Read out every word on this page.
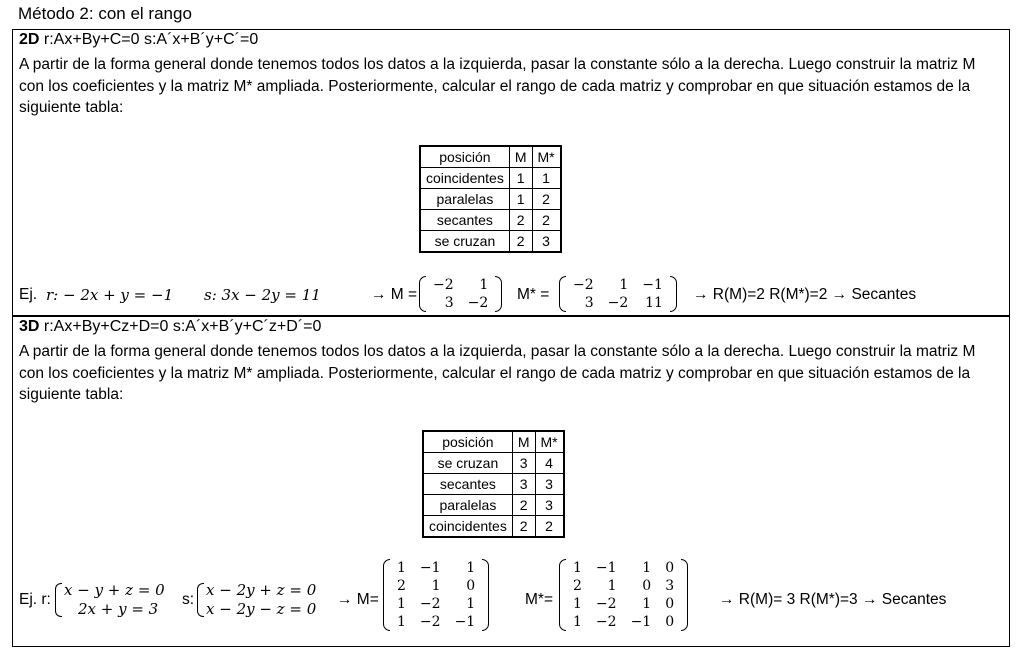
Método 2: con el rango
2D r:Ax+By+C=0 s:A´x+B´y+C´=0
A partir de la forma general donde tenemos todos los datos a la izquierda, pasar la constante sólo a la derecha. Luego construir la matriz M con los coeficientes y la matriz M* ampliada. Posteriormente, calcular el rango de cada matriz y comprobar en que situación estamos de la siguiente tabla:
posición	M	M*
coincidentes	1	1
paralelas	1	2
secantes	2	2
se cruzan	2	3
Ej. r: − 2x + y = −1 s: 3x − 2y = 11	→ M =
−2	1
3	−2 M* =
−2	1	−1
3	−2	11 → R(M)=2 R(M*)=2 → Secantes
3D r:Ax+By+Cz+D=0 s:A´x+B´y+C´z+D´=0
A partir de la forma general donde tenemos todos los datos a la izquierda, pasar la constante sólo a la derecha. Luego construir la matriz M con los coeficientes y la matriz M* ampliada. Posteriormente, calcular el rango de cada matriz y comprobar en que situación estamos de la siguiente tabla:
posición	M	M*
se cruzan	3	4
secantes	3	3
paralelas	2	3
coincidentes	2	2
Ej. r:
x − y + z = 0
2x + y = 3
s:
x − 2y + z = 0
x − 2y − z = 0
→ M=
1	−1	1
2	1	0
1	−2	1
1	−2	−1
M*=
1	−1	1	0
2	1	0	3
1	−2	1	0
1	−2	−1	0
→ R(M)= 3 R(M*)=3 → Secantes
